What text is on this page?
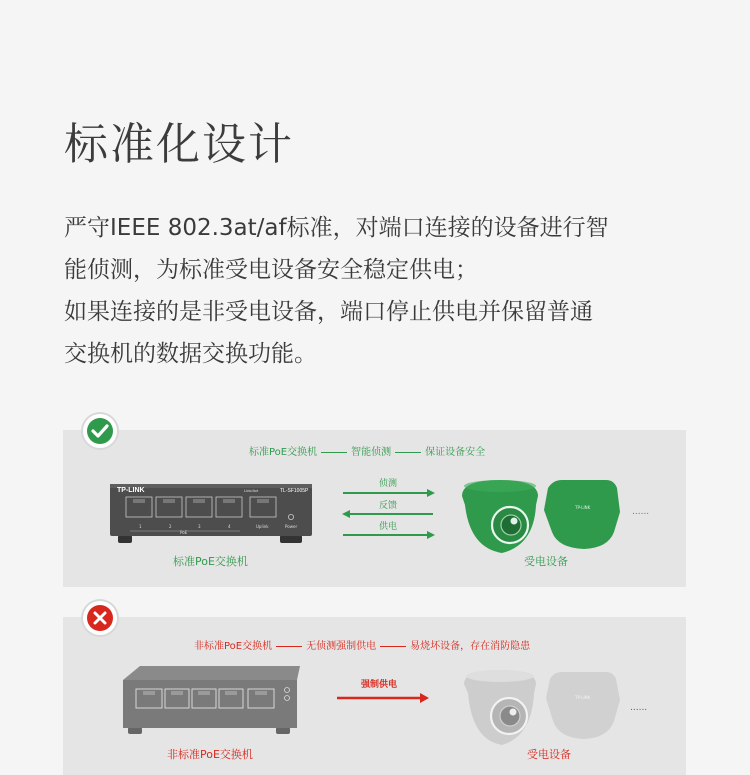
标准化设计

严守IEEE 802.3at/af标准，对端口连接的设备进行智

能侦测，为标准受电设备安全稳定供电；

如果连接的是非受电设备，端口停止供电并保留普通

交换机的数据交换功能。

标准PoE交换机	智能侦测	保证设备安全
TP-LINK	Link/Act	TL-SF1005P
1	2	3	4	Uplink	Power
PoE
侦测
反馈
供电
TP-LINK	......
标准PoE交换机	受电设备
非标准PoE交换机	无侦测强制供电	易烧坏设备，存在消防隐患
强制供电
TP-LINK
......
非标准PoE交换机	受电设备
